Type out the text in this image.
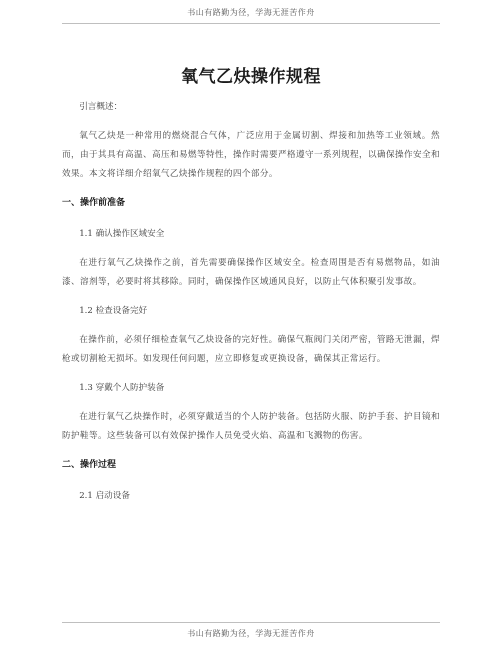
书山有路勤为径，学海无涯苦作舟
氧气乙炔操作规程

引言概述：

氧气乙炔是一种常用的燃烧混合气体，广泛应用于金属切割、焊接和加热等工业领域。然而，由于其具有高温、高压和易燃等特性，操作时需要严格遵守一系列规程，以确保操作安全和效果。本文将详细介绍氧气乙炔操作规程的四个部分。

一、操作前准备

1.1 确认操作区域安全

在进行氧气乙炔操作之前，首先需要确保操作区域安全。检查周围是否有易燃物品，如油漆、溶剂等，必要时将其移除。同时，确保操作区域通风良好，以防止气体积聚引发事故。

1.2 检查设备完好

在操作前，必须仔细检查氧气乙炔设备的完好性。确保气瓶阀门关闭严密，管路无泄漏，焊枪或切割枪无损坏。如发现任何问题，应立即修复或更换设备，确保其正常运行。

1.3 穿戴个人防护装备

在进行氧气乙炔操作时，必须穿戴适当的个人防护装备。包括防火服、防护手套、护目镜和防护鞋等。这些装备可以有效保护操作人员免受火焰、高温和飞溅物的伤害。

二、操作过程

2.1 启动设备

书山有路勤为径，学海无涯苦作舟
